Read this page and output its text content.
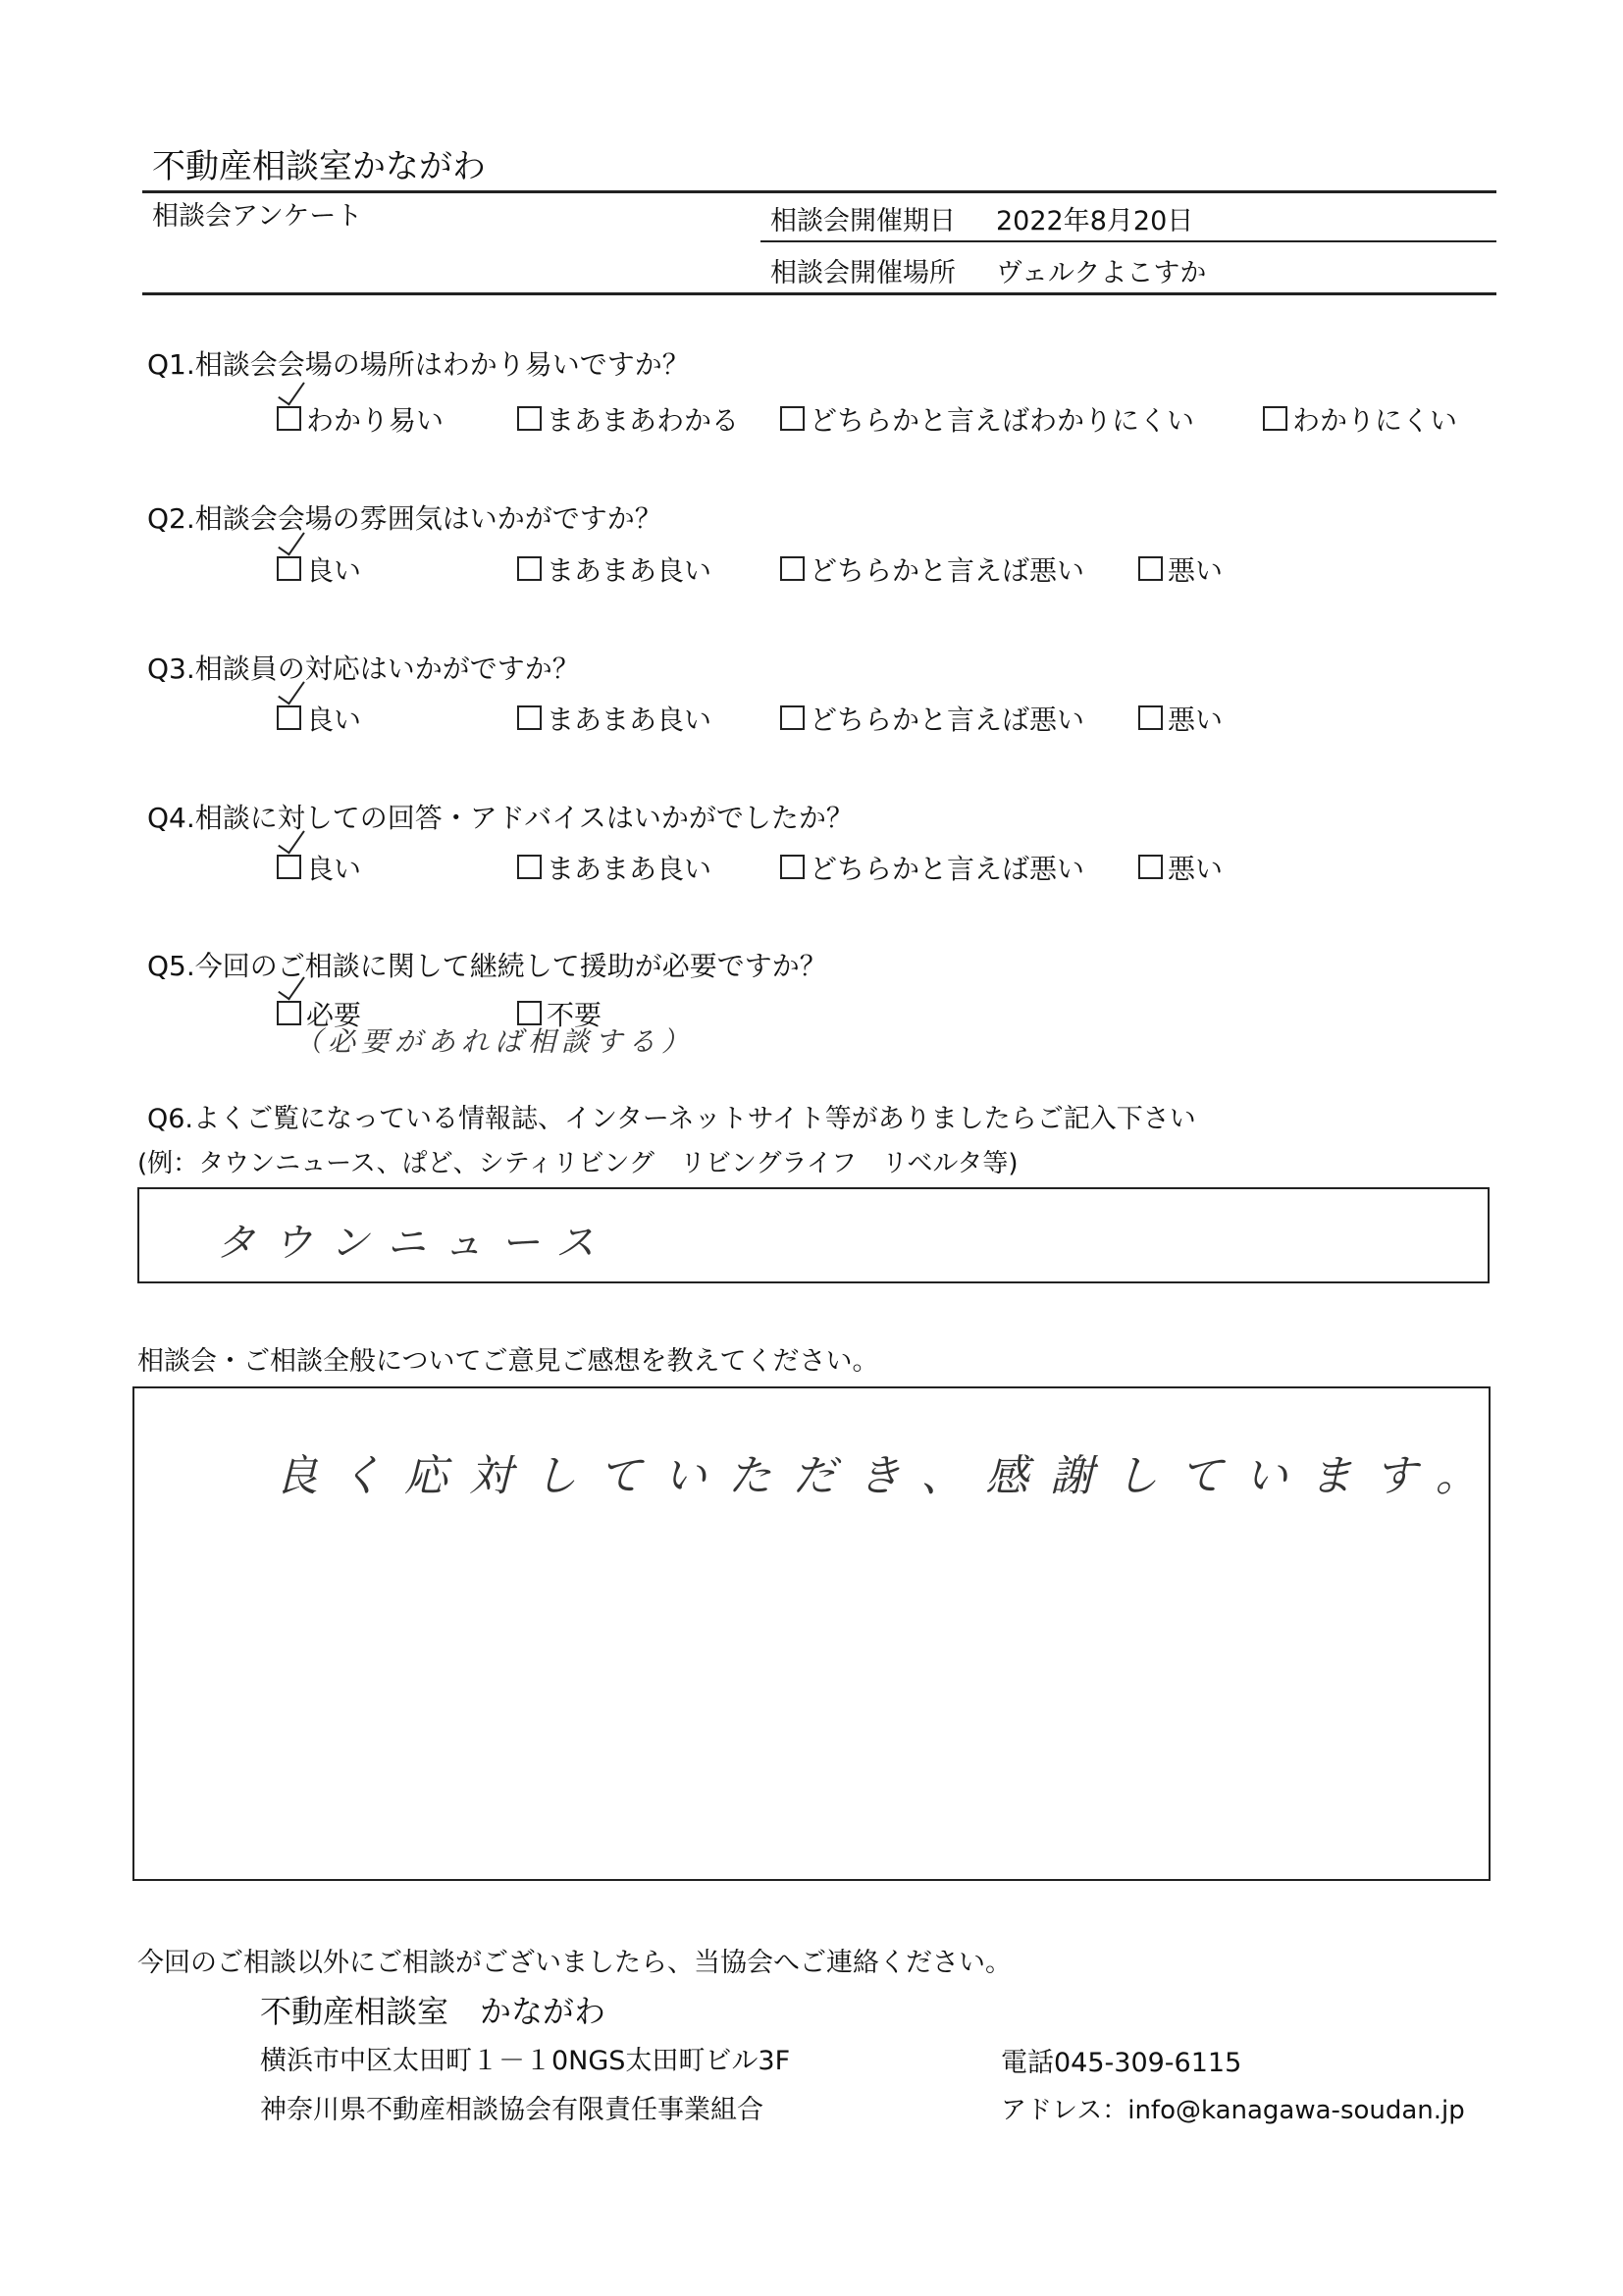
不動産相談室かながわ
相談会アンケート	相談会開催期日 2022年8月20日
相談会開催場所 ヴェルクよこすか
Q1.相談会会場の場所はわかり易いですか？
わかり易い	まあまあわかる	どちらかと言えばわかりにくい	わかりにくい
Q2.相談会会場の雰囲気はいかがですか？
良い	まあまあ良い	どちらかと言えば悪い	悪い
Q3.相談員の対応はいかがですか？
良い	まあまあ良い	どちらかと言えば悪い	悪い
Q4.相談に対しての回答・アドバイスはいかがでしたか？
良い	まあまあ良い	どちらかと言えば悪い	悪い
Q5.今回のご相談に関して継続して援助が必要ですか？
必要	不要
（必要があれば相談する）
Q6.よくご覧になっている情報誌、インターネットサイト等がありましたらご記入下さい
(例：タウンニュース、ぱど、シティリビング　リビングライフ　リベルタ等)
タウンニュース
相談会・ご相談全般についてご意見ご感想を教えてください。
良く応対していただき、感謝しています。
今回のご相談以外にご相談がございましたら、当協会へご連絡ください。
不動産相談室　かながわ
横浜市中区太田町１－１0NGS太田町ビル3F	電話045-309-6115
神奈川県不動産相談協会有限責任事業組合	アドレス：info@kanagawa-soudan.jp
